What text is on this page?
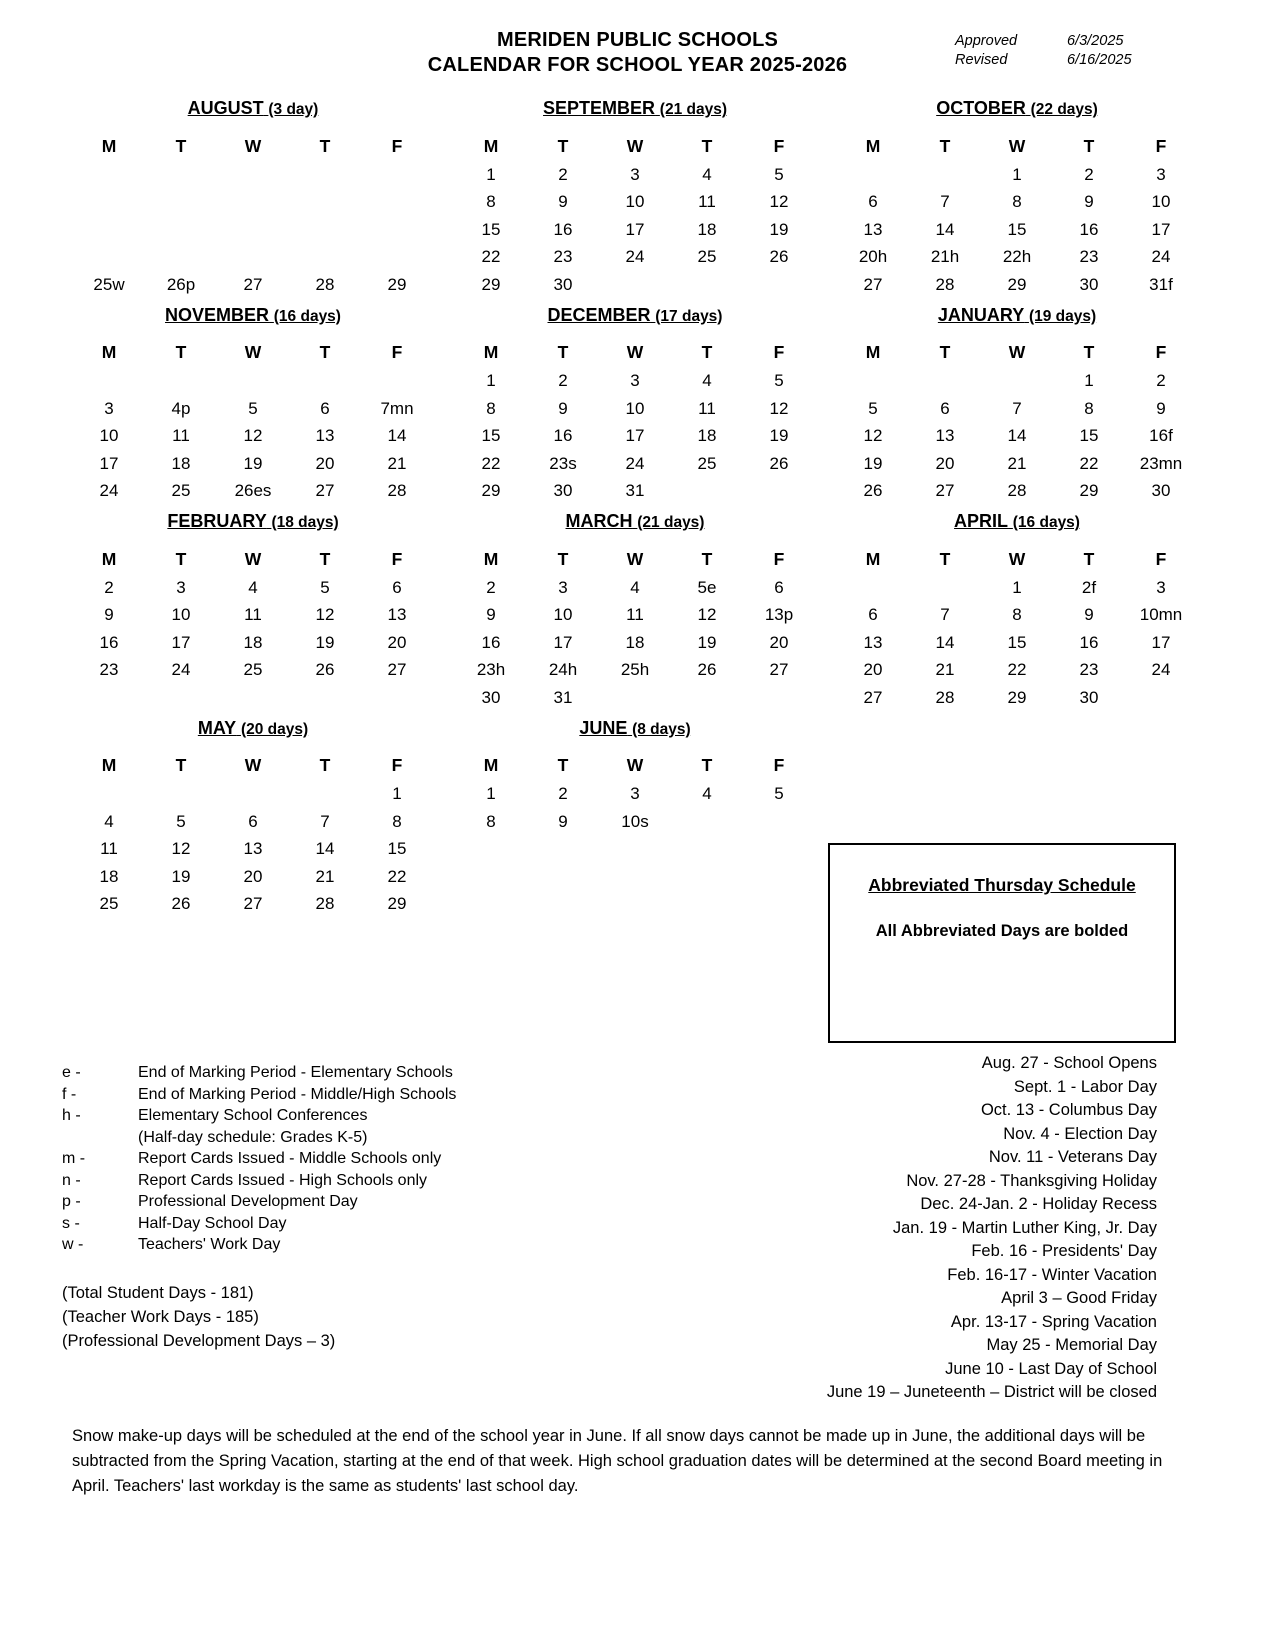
MERIDEN PUBLIC SCHOOLS
CALENDAR FOR SCHOOL YEAR 2025-2026
Approved	6/3/2025
Revised	6/16/2025
AUGUST (3 day)
M	T	W	T	F

25w	26p	27	28	29
SEPTEMBER (21 days)
M	T	W	T	F
1	2	3	4	5
8	9	10	11	12
15	16	17	18	19
22	23	24	25	26
29	30			
OCTOBER (22 days)
M	T	W	T	F
		1	2	3
6	7	8	9	10
13	14	15	16	17
20h	21h	22h	23	24
27	28	29	30	31f
NOVEMBER (16 days)
M	T	W	T	F

3	4p	5	6	7mn
10	11	12	13	14
17	18	19	20	21
24	25	26es	27	28
DECEMBER (17 days)
M	T	W	T	F
1	2	3	4	5
8	9	10	11	12
15	16	17	18	19
22	23s	24	25	26
29	30	31		
JANUARY (19 days)
M	T	W	T	F
			1	2
5	6	7	8	9
12	13	14	15	16f
19	20	21	22	23mn
26	27	28	29	30
FEBRUARY (18 days)
M	T	W	T	F
2	3	4	5	6
9	10	11	12	13
16	17	18	19	20
23	24	25	26	27

MARCH (21 days)
M	T	W	T	F
2	3	4	5e	6
9	10	11	12	13p
16	17	18	19	20
23h	24h	25h	26	27
30	31			
APRIL (16 days)
M	T	W	T	F
		1	2f	3
6	7	8	9	10mn
13	14	15	16	17
20	21	22	23	24
27	28	29	30	
MAY (20 days)
M	T	W	T	F
				1
4	5	6	7	8
11	12	13	14	15
18	19	20	21	22
25	26	27	28	29
JUNE (8 days)
M	T	W	T	F
1	2	3	4	5
8	9	10s		

Abbreviated Thursday Schedule
All Abbreviated Days are bolded
e -	End of Marking Period - Elementary Schools
f -	End of Marking Period - Middle/High Schools
h -	Elementary School Conferences
(Half-day schedule: Grades K-5)
m -	Report Cards Issued - Middle Schools only
n -	Report Cards Issued - High Schools only
p -	Professional Development Day
s -	Half-Day School Day
w -	Teachers' Work Day
(Total Student Days - 181)
(Teacher Work Days - 185)
(Professional Development Days – 3)
Aug. 27 - School Opens
Sept. 1 - Labor Day
Oct. 13 - Columbus Day
Nov. 4 - Election Day
Nov. 11 - Veterans Day
Nov. 27-28 - Thanksgiving Holiday
Dec. 24-Jan. 2 - Holiday Recess
Jan. 19 - Martin Luther King, Jr. Day
Feb. 16 - Presidents' Day
Feb. 16-17 - Winter Vacation
April 3 – Good Friday
Apr. 13-17 - Spring Vacation
May 25 - Memorial Day
June 10 - Last Day of School
June 19 – Juneteenth – District will be closed
Snow make-up days will be scheduled at the end of the school year in June. If all snow days cannot be made up in June, the additional days will be subtracted from the Spring Vacation, starting at the end of that week. High school graduation dates will be determined at the second Board meeting in April. Teachers' last workday is the same as students' last school day.
